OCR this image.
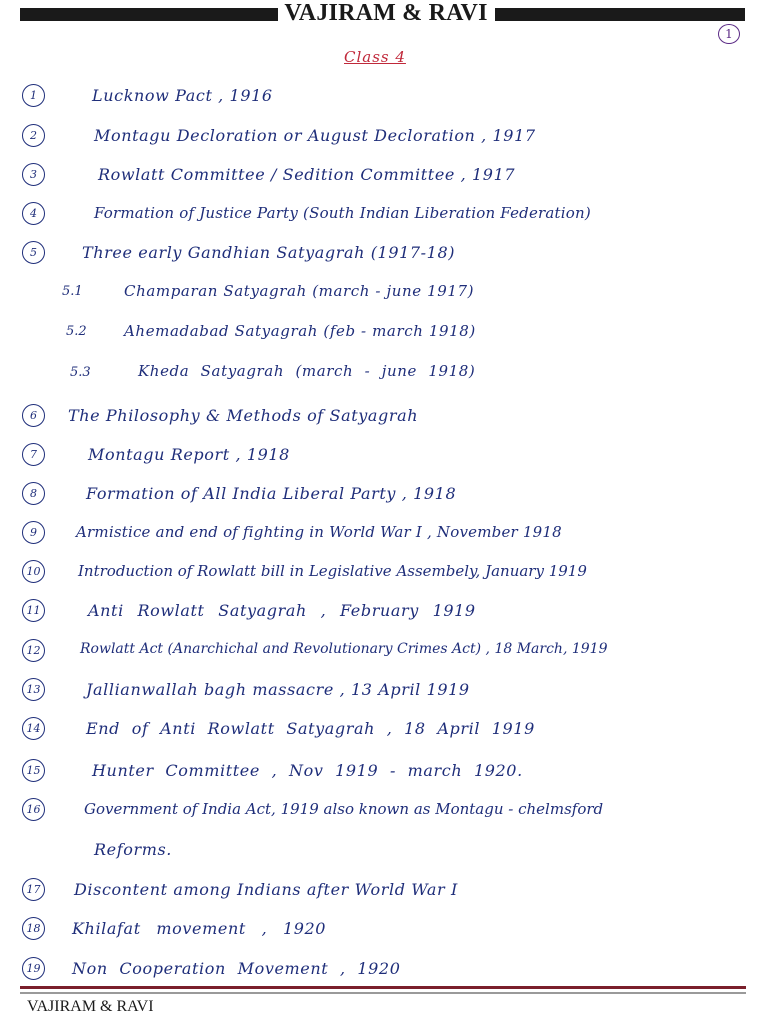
VAJIRAM & RAVI
1
Class 4
1	Lucknow Pact , 1916
2	Montagu Decloration or August Decloration , 1917
3	Rowlatt Committee / Sedition Committee , 1917
4	Formation of Justice Party (South Indian Liberation Federation)
5	Three early Gandhian Satyagrah (1917-18)
5.1	Champaran Satyagrah (march - june 1917)
5.2 Ahemadabad Satyagrah (feb - march 1918)
5.3	Kheda Satyagrah (march - june 1918)
6	The Philosophy & Methods of Satyagrah
7	Montagu Report , 1918
8	Formation of All India Liberal Party , 1918
9	Armistice and end of fighting in World War I , November 1918
10	Introduction of Rowlatt bill in Legislative Assembely, January 1919
11	Anti Rowlatt Satyagrah , February 1919
12	Rowlatt Act (Anarchichal and Revolutionary Crimes Act) , 18 March, 1919
13	Jallianwallah bagh massacre , 13 April 1919
14	End of Anti Rowlatt Satyagrah , 18 April 1919
15	Hunter Committee , Nov 1919 - march 1920.
16	Government of India Act, 1919 also known as Montagu - chelmsford
Reforms.
17 Discontent among Indians after World War I
18 Khilafat movement , 1920
19 Non Cooperation Movement , 1920
VAJIRAM & RAVI
